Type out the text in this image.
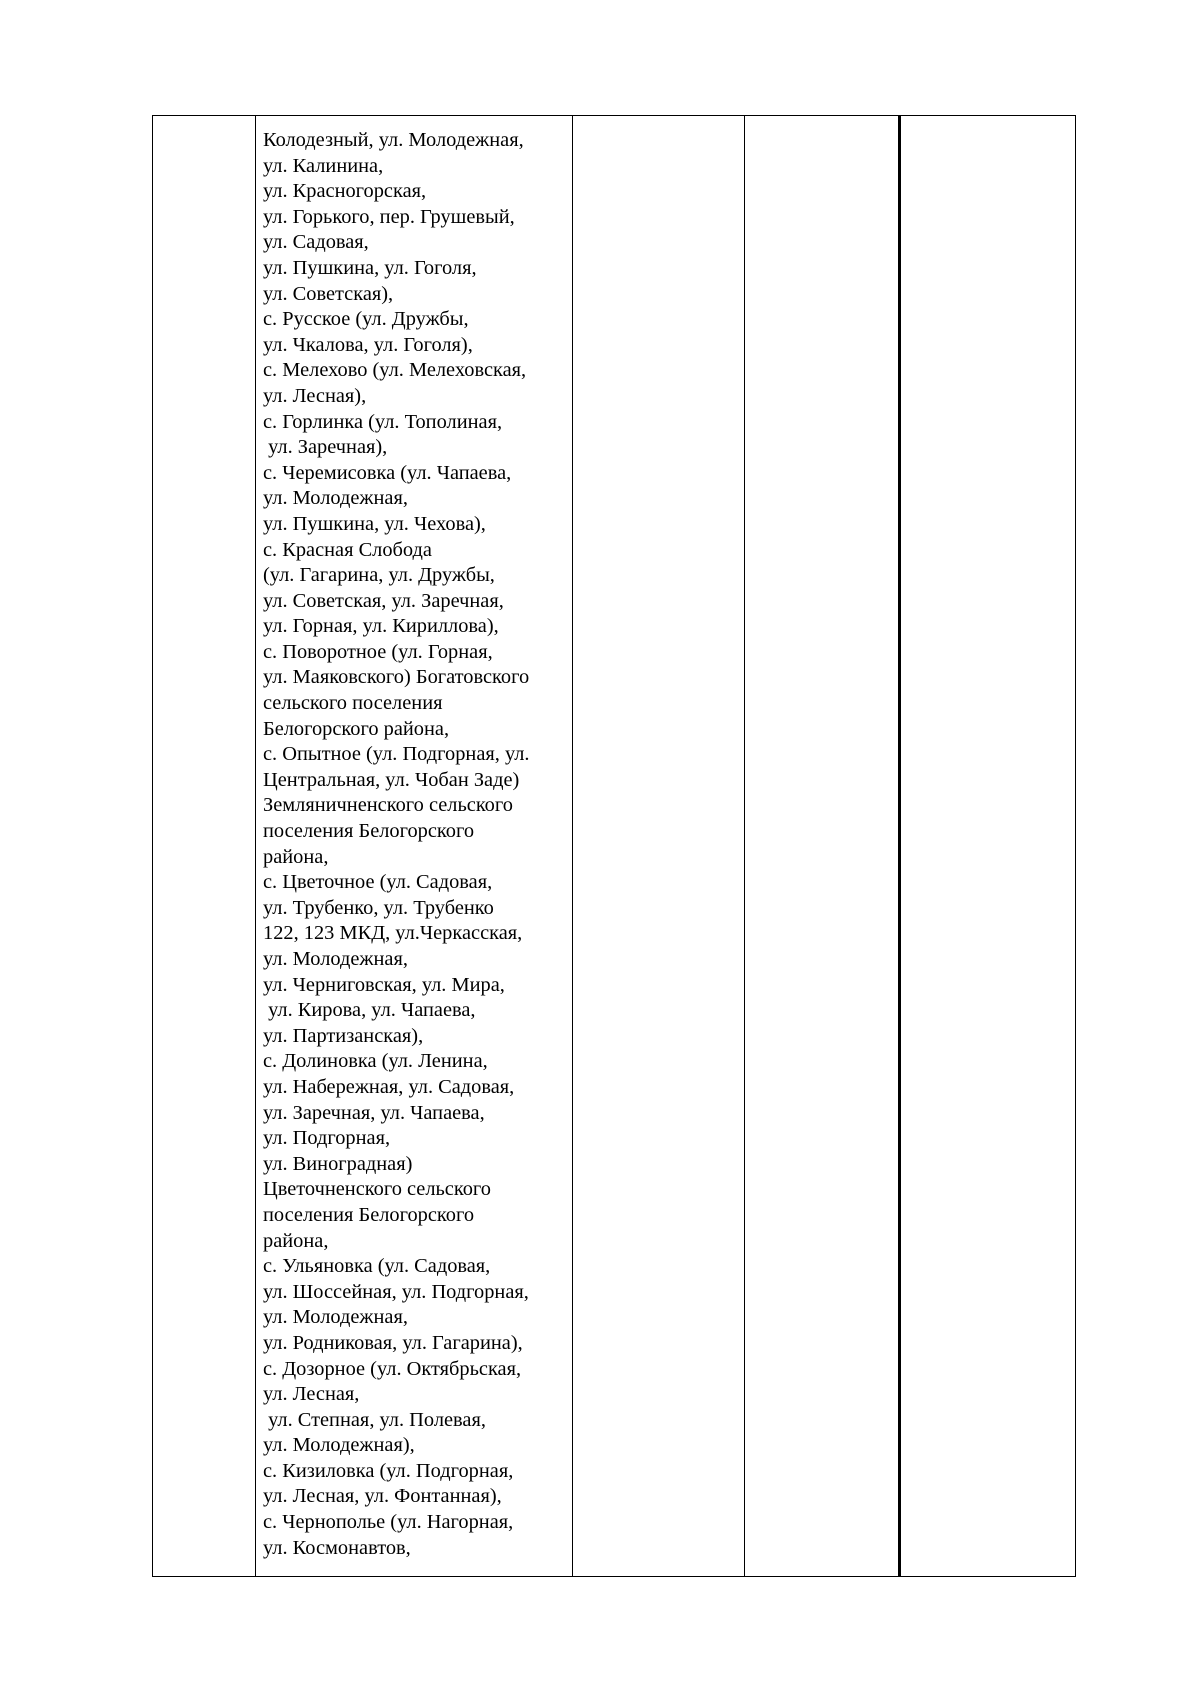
Колодезный, ул. Молодежная,
ул. Калинина,
ул. Красногорская,
ул. Горького, пер. Грушевый,
ул. Садовая,
ул. Пушкина, ул. Гоголя,
ул. Советская),
с. Русское (ул. Дружбы,
ул. Чкалова, ул. Гоголя),
с. Мелехово (ул. Мелеховская,
ул. Лесная),
с. Горлинка (ул. Тополиная,
ул. Заречная),
с. Черемисовка (ул. Чапаева,
ул. Молодежная,
ул. Пушкина, ул. Чехова),
с. Красная Слобода
(ул. Гагарина, ул. Дружбы,
ул. Советская, ул. Заречная,
ул. Горная, ул. Кириллова),
с. Поворотное (ул. Горная,
ул. Маяковского) Богатовского
сельского поселения
Белогорского района,
с. Опытное (ул. Подгорная, ул.
Центральная, ул. Чобан Заде)
Земляничненского сельского
поселения Белогорского
района,
с. Цветочное (ул. Садовая,
ул. Трубенко, ул. Трубенко
122, 123 МКД, ул.Черкасская,
ул. Молодежная,
ул. Черниговская, ул. Мира,
ул. Кирова, ул. Чапаева,
ул. Партизанская),
с. Долиновка (ул. Ленина,
ул. Набережная, ул. Садовая,
ул. Заречная, ул. Чапаева,
ул. Подгорная,
ул. Виноградная)
Цветочненского сельского
поселения Белогорского
района,
с. Ульяновка (ул. Садовая,
ул. Шоссейная, ул. Подгорная,
ул. Молодежная,
ул. Родниковая, ул. Гагарина),
с. Дозорное (ул. Октябрьская,
ул. Лесная,
ул. Степная, ул. Полевая,
ул. Молодежная),
с. Кизиловка (ул. Подгорная,
ул. Лесная, ул. Фонтанная),
с. Чернополье (ул. Нагорная,
ул. Космонавтов,
